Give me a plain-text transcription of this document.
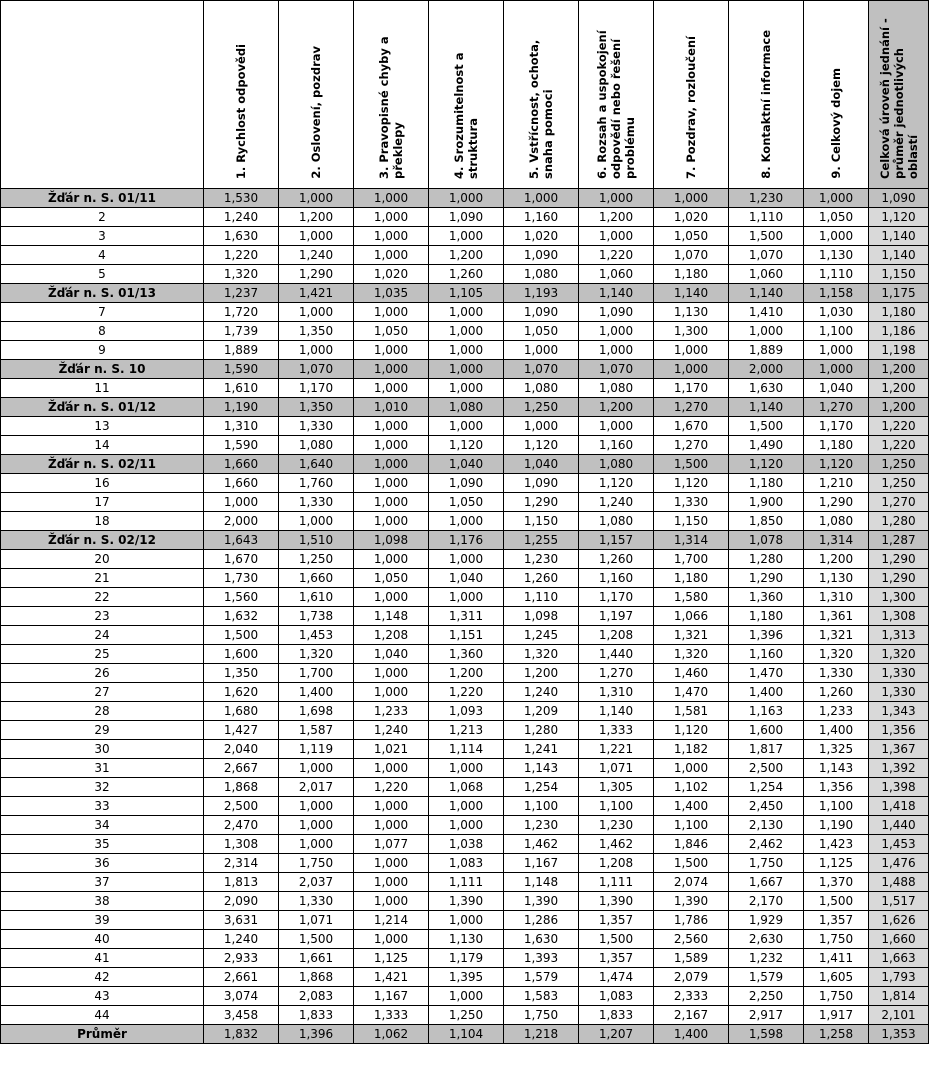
	1. Rychlost odpovědi	2. Oslovení, pozdrav	3. Pravopisné chyby a překlepy	4. Srozumitelnost a struktura	5. Vstřícnost, ochota, snaha pomoci	6. Rozsah a uspokojení odpovědí nebo řešení problému	7. Pozdrav, rozloučení	8. Kontaktní informace	9. Celkový dojem	Celková úroveň jednání - průměr jednotlivých oblastí
Žďár n. S. 01/11	1,530	1,000	1,000	1,000	1,000	1,000	1,000	1,230	1,000	1,090
2	1,240	1,200	1,000	1,090	1,160	1,200	1,020	1,110	1,050	1,120
3	1,630	1,000	1,000	1,000	1,020	1,000	1,050	1,500	1,000	1,140
4	1,220	1,240	1,000	1,200	1,090	1,220	1,070	1,070	1,130	1,140
5	1,320	1,290	1,020	1,260	1,080	1,060	1,180	1,060	1,110	1,150
Žďár n. S. 01/13	1,237	1,421	1,035	1,105	1,193	1,140	1,140	1,140	1,158	1,175
7	1,720	1,000	1,000	1,000	1,090	1,090	1,130	1,410	1,030	1,180
8	1,739	1,350	1,050	1,000	1,050	1,000	1,300	1,000	1,100	1,186
9	1,889	1,000	1,000	1,000	1,000	1,000	1,000	1,889	1,000	1,198
Žďár n. S. 10	1,590	1,070	1,000	1,000	1,070	1,070	1,000	2,000	1,000	1,200
11	1,610	1,170	1,000	1,000	1,080	1,080	1,170	1,630	1,040	1,200
Žďár n. S. 01/12	1,190	1,350	1,010	1,080	1,250	1,200	1,270	1,140	1,270	1,200
13	1,310	1,330	1,000	1,000	1,000	1,000	1,670	1,500	1,170	1,220
14	1,590	1,080	1,000	1,120	1,120	1,160	1,270	1,490	1,180	1,220
Žďár n. S. 02/11	1,660	1,640	1,000	1,040	1,040	1,080	1,500	1,120	1,120	1,250
16	1,660	1,760	1,000	1,090	1,090	1,120	1,120	1,180	1,210	1,250
17	1,000	1,330	1,000	1,050	1,290	1,240	1,330	1,900	1,290	1,270
18	2,000	1,000	1,000	1,000	1,150	1,080	1,150	1,850	1,080	1,280
Žďár n. S. 02/12	1,643	1,510	1,098	1,176	1,255	1,157	1,314	1,078	1,314	1,287
20	1,670	1,250	1,000	1,000	1,230	1,260	1,700	1,280	1,200	1,290
21	1,730	1,660	1,050	1,040	1,260	1,160	1,180	1,290	1,130	1,290
22	1,560	1,610	1,000	1,000	1,110	1,170	1,580	1,360	1,310	1,300
23	1,632	1,738	1,148	1,311	1,098	1,197	1,066	1,180	1,361	1,308
24	1,500	1,453	1,208	1,151	1,245	1,208	1,321	1,396	1,321	1,313
25	1,600	1,320	1,040	1,360	1,320	1,440	1,320	1,160	1,320	1,320
26	1,350	1,700	1,000	1,200	1,200	1,270	1,460	1,470	1,330	1,330
27	1,620	1,400	1,000	1,220	1,240	1,310	1,470	1,400	1,260	1,330
28	1,680	1,698	1,233	1,093	1,209	1,140	1,581	1,163	1,233	1,343
29	1,427	1,587	1,240	1,213	1,280	1,333	1,120	1,600	1,400	1,356
30	2,040	1,119	1,021	1,114	1,241	1,221	1,182	1,817	1,325	1,367
31	2,667	1,000	1,000	1,000	1,143	1,071	1,000	2,500	1,143	1,392
32	1,868	2,017	1,220	1,068	1,254	1,305	1,102	1,254	1,356	1,398
33	2,500	1,000	1,000	1,000	1,100	1,100	1,400	2,450	1,100	1,418
34	2,470	1,000	1,000	1,000	1,230	1,230	1,100	2,130	1,190	1,440
35	1,308	1,000	1,077	1,038	1,462	1,462	1,846	2,462	1,423	1,453
36	2,314	1,750	1,000	1,083	1,167	1,208	1,500	1,750	1,125	1,476
37	1,813	2,037	1,000	1,111	1,148	1,111	2,074	1,667	1,370	1,488
38	2,090	1,330	1,000	1,390	1,390	1,390	1,390	2,170	1,500	1,517
39	3,631	1,071	1,214	1,000	1,286	1,357	1,786	1,929	1,357	1,626
40	1,240	1,500	1,000	1,130	1,630	1,500	2,560	2,630	1,750	1,660
41	2,933	1,661	1,125	1,179	1,393	1,357	1,589	1,232	1,411	1,663
42	2,661	1,868	1,421	1,395	1,579	1,474	2,079	1,579	1,605	1,793
43	3,074	2,083	1,167	1,000	1,583	1,083	2,333	2,250	1,750	1,814
44	3,458	1,833	1,333	1,250	1,750	1,833	2,167	2,917	1,917	2,101
Průměr	1,832	1,396	1,062	1,104	1,218	1,207	1,400	1,598	1,258	1,353
